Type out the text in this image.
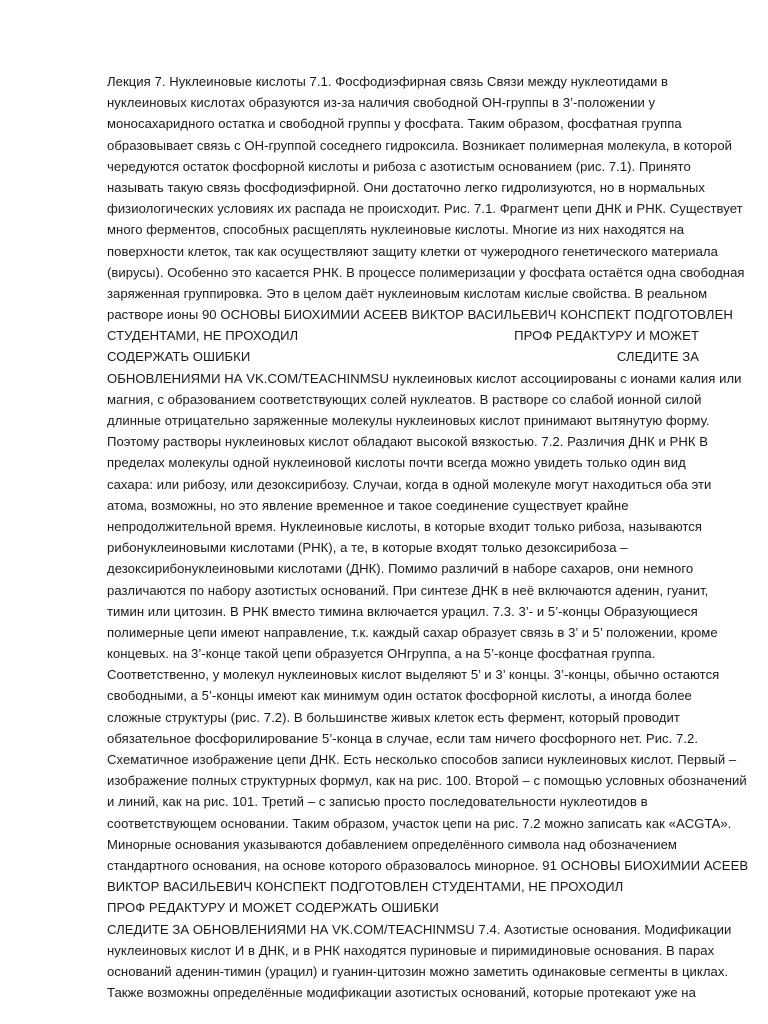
Лекция 7. Нуклеиновые кислоты 7.1. Фосфодиэфирная связь Связи между нуклеотидами в
нуклеиновых кислотах образуются из-за наличия свободной ОН-группы в 3’-положении у
моносахаридного остатка и свободной группы у фосфата. Таким образом, фосфатная группа
образовывает связь с ОН-группой соседнего гидроксила. Возникает полимерная молекула, в которой
чередуются остаток фосфорной кислоты и рибоза с азотистым основанием (рис. 7.1). Принято
называть такую связь фосфодиэфирной. Они достаточно легко гидролизуются, но в нормальных
физиологических условиях их распада не происходит. Рис. 7.1. Фрагмент цепи ДНК и РНК. Существует
много ферментов, способных расщеплять нуклеиновые кислоты. Многие из них находятся на
поверхности клеток, так как осуществляют защиту клетки от чужеродного генетического материала
(вирусы). Особенно это касается РНК. В процессе полимеризации у фосфата остаётся одна свободная
заряженная группировка. Это в целом даёт нуклеиновым кислотам кислые свойства. В реальном
растворе ионы 90 ОСНОВЫ БИОХИМИИ АСЕЕВ ВИКТОР ВАСИЛЬЕВИЧ КОНСПЕКТ ПОДГОТОВЛЕН
СТУДЕНТАМИ, НЕ ПРОХОДИЛ	ПРОФ РЕДАКТУРУ И МОЖЕТ
СОДЕРЖАТЬ ОШИБКИ	СЛЕДИТЕ ЗА
ОБНОВЛЕНИЯМИ НА VK.COM/TEACHINMSU нуклеиновых кислот ассоциированы с ионами калия или
магния, с образованием соответствующих солей нуклеатов. В растворе со слабой ионной силой
длинные отрицательно заряженные молекулы нуклеиновых кислот принимают вытянутую форму.
Поэтому растворы нуклеиновых кислот обладают высокой вязкостью. 7.2. Различия ДНК и РНК В
пределах молекулы одной нуклеиновой кислоты почти всегда можно увидеть только один вид
сахара: или рибозу, или дезоксирибозу. Случаи, когда в одной молекуле могут находиться оба эти
атома, возможны, но это явление временное и такое соединение существует крайне
непродолжительной время. Нуклеиновые кислоты, в которые входит только рибоза, называются
рибонуклеиновыми кислотами (РНК), а те, в которые входят только дезоксирибоза –
дезоксирибонуклеиновыми кислотами (ДНК). Помимо различий в наборе сахаров, они немного
различаются по набору азотистых оснований. При синтезе ДНК в неё включаются аденин, гуанит,
тимин или цитозин. В РНК вместо тимина включается урацил. 7.3. 3’- и 5’-концы Образующиеся
полимерные цепи имеют направление, т.к. каждый сахар образует связь в 3’ и 5’ положении, кроме
концевых. на 3’-конце такой цепи образуется ОНгруппа, а на 5’-конце фосфатная группа.
Соответственно, у молекул нуклеиновых кислот выделяют 5’ и 3’ концы. 3’-концы, обычно остаются
свободными, а 5’-концы имеют как минимум один остаток фосфорной кислоты, а иногда более
сложные структуры (рис. 7.2). В большинстве живых клеток есть фермент, который проводит
обязательное фосфорилирование 5’-конца в случае, если там ничего фосфорного нет. Рис. 7.2.
Схематичное изображение цепи ДНК. Есть несколько способов записи нуклеиновых кислот. Первый –
изображение полных структурных формул, как на рис. 100. Второй – с помощью условных обозначений
и линий, как на рис. 101. Третий – с записью просто последовательности нуклеотидов в
соответствующем основании. Таким образом, участок цепи на рис. 7.2 можно записать как «ACGTA».
Минорные основания указываются добавлением определённого символа над обозначением
стандартного основания, на основе которого образовалось минорное. 91 ОСНОВЫ БИОХИМИИ АСЕЕВ
ВИКТОР ВАСИЛЬЕВИЧ КОНСПЕКТ ПОДГОТОВЛЕН СТУДЕНТАМИ, НЕ ПРОХОДИЛ
ПРОФ РЕДАКТУРУ И МОЖЕТ СОДЕРЖАТЬ ОШИБКИ
СЛЕДИТЕ ЗА ОБНОВЛЕНИЯМИ НА VK.COM/TEACHINMSU 7.4. Азотистые основания. Модификации
нуклеиновых кислот И в ДНК, и в РНК находятся пуриновые и пиримидиновые основания. В парах
оснований аденин-тимин (урацил) и гуанин-цитозин можно заметить одинаковые сегменты в циклах.
Также возможны определённые модификации азотистых оснований, которые протекают уже на
